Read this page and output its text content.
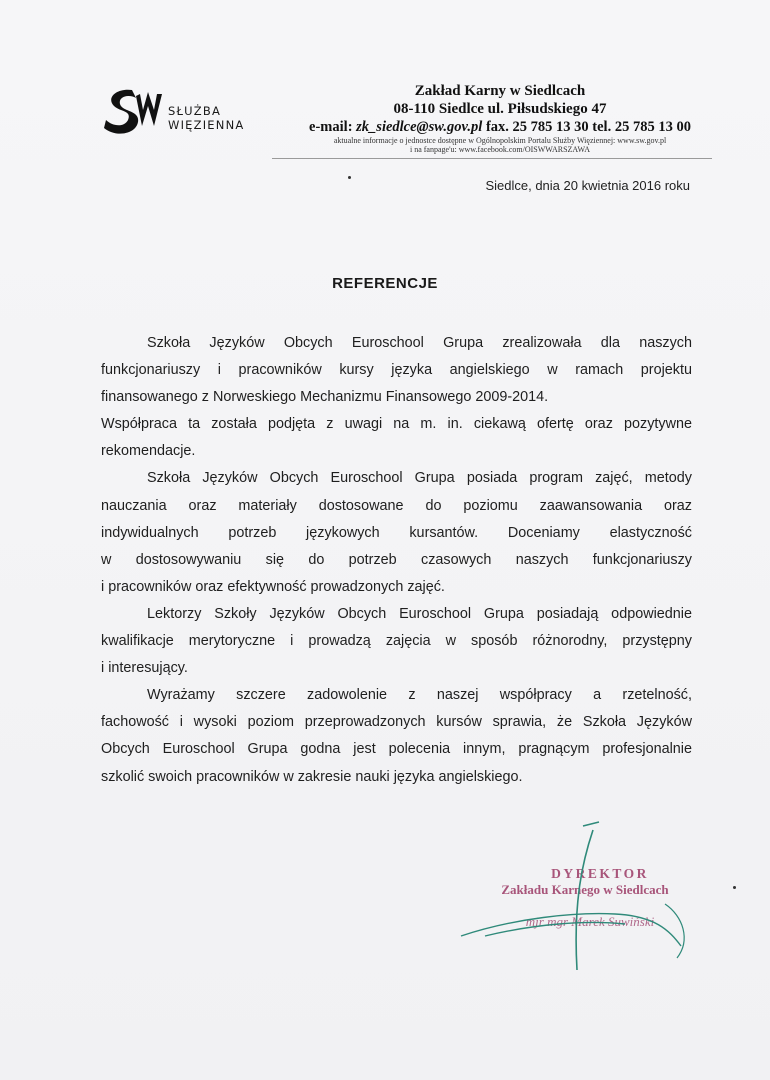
SŁUŻBA
WIĘZIENNA
Zakład Karny w Siedlcach
08-110 Siedlce ul. Piłsudskiego 47
e-mail: zk_siedlce@sw.gov.pl fax. 25 785 13 30 tel. 25 785 13 00
aktualne informacje o jednostce dostępne w Ogólnopolskim Portalu Służby Więziennej: www.sw.gov.pl
i na fanpage'u: www.facebook.com/OISWWARSZAWA
Siedlce, dnia 20 kwietnia 2016 roku
REFERENCJE
Szkoła Języków Obcych Euroschool Grupa zrealizowała dla naszych
funkcjonariuszy i pracowników kursy języka angielskiego w ramach projektu
finansowanego z Norweskiego Mechanizmu Finansowego 2009-2014.
Współpraca ta została podjęta z uwagi na m. in. ciekawą ofertę oraz pozytywne
rekomendacje.
Szkoła Języków Obcych Euroschool Grupa posiada program zajęć, metody
nauczania oraz materiały dostosowane do poziomu zaawansowania oraz
indywidualnych potrzeb językowych kursantów. Doceniamy elastyczność
w dostosowywaniu się do potrzeb czasowych naszych funkcjonariuszy
i pracowników oraz efektywność prowadzonych zajęć.
Lektorzy Szkoły Języków Obcych Euroschool Grupa posiadają odpowiednie
kwalifikacje merytoryczne i prowadzą zajęcia w sposób różnorodny, przystępny
i interesujący.
Wyrażamy szczere zadowolenie z naszej współpracy a rzetelność,
fachowość i wysoki poziom przeprowadzonych kursów sprawia, że Szkoła Języków
Obcych Euroschool Grupa godna jest polecenia innym, pragnącym profesjonalnie
szkolić swoich pracowników w zakresie nauki języka angielskiego.
DYREKTOR
Zakładu Karnego w Siedlcach
mjr mgr Marek Suwiński
